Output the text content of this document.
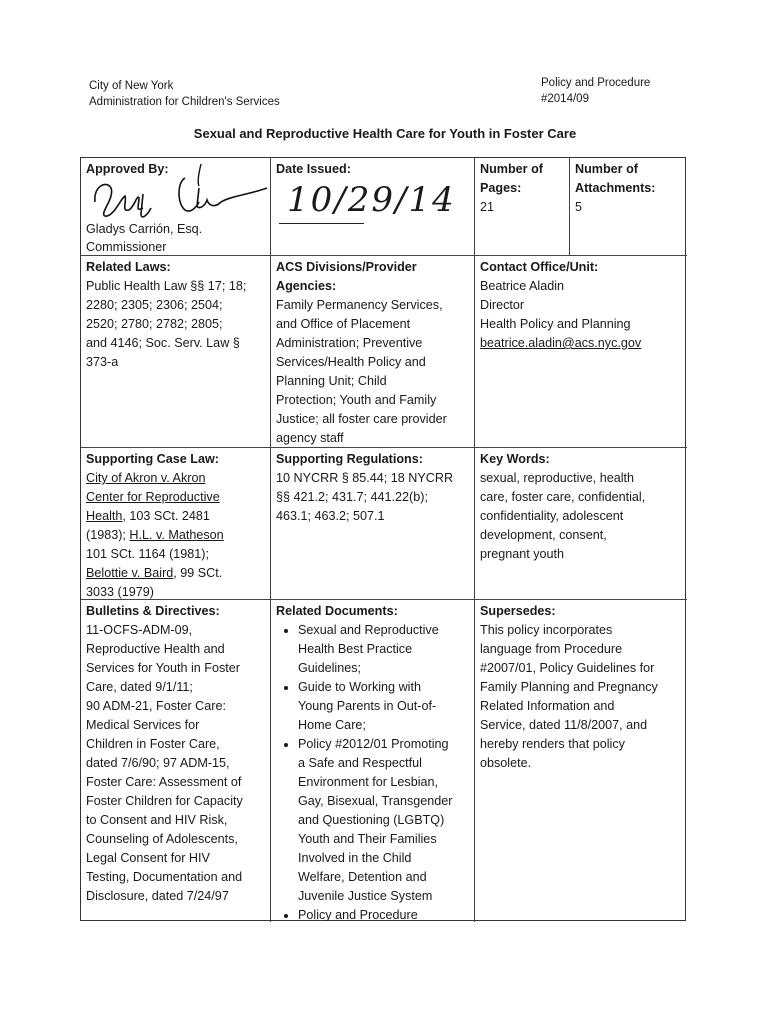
City of New York
Administration for Children's Services
Policy and Procedure
#2014/09
Sexual and Reproductive Health Care for Youth in Foster Care
Approved By:
Gladys Carrión, Esq.
Commissioner
Date Issued:
10/29/14
Number of
Pages:
21
Number of
Attachments:
5
Related Laws:
Public Health Law §§ 17; 18;
2280; 2305; 2306; 2504;
2520; 2780; 2782; 2805;
and 4146; Soc. Serv. Law §
373-a
ACS Divisions/Provider
Agencies:
Family Permanency Services,
and Office of Placement
Administration; Preventive
Services/Health Policy and
Planning Unit; Child
Protection; Youth and Family
Justice; all foster care provider
agency staff
Contact Office/Unit:
Beatrice Aladin
Director
Health Policy and Planning
beatrice.aladin@acs.nyc.gov
Supporting Case Law:
City of Akron v. Akron
Center for Reproductive
Health, 103 SCt. 2481
(1983); H.L. v. Matheson
101 SCt. 1164 (1981);
Belottie v. Baird, 99 SCt.
3033 (1979)
Supporting Regulations:
10 NYCRR § 85.44; 18 NYCRR
§§ 421.2; 431.7; 441.22(b);
463.1; 463.2; 507.1
Key Words:
sexual, reproductive, health
care, foster care, confidential,
confidentiality, adolescent
development, consent,
pregnant youth
Bulletins & Directives:
11-OCFS-ADM-09,
Reproductive Health and
Services for Youth in Foster
Care, dated 9/1/11;
90 ADM-21, Foster Care:
Medical Services for
Children in Foster Care,
dated 7/6/90; 97 ADM-15,
Foster Care: Assessment of
Foster Children for Capacity
to Consent and HIV Risk,
Counseling of Adolescents,
Legal Consent for HIV
Testing, Documentation and
Disclosure, dated 7/24/97
Related Documents:
• Sexual and Reproductive
Health Best Practice
Guidelines;
• Guide to Working with
Young Parents in Out-of-
Home Care;
• Policy #2012/01 Promoting
a Safe and Respectful
Environment for Lesbian,
Gay, Bisexual, Transgender
and Questioning (LGBTQ)
Youth and Their Families
Involved in the Child
Welfare, Detention and
Juvenile Justice System
• Policy and Procedure
Supersedes:
This policy incorporates
language from Procedure
#2007/01, Policy Guidelines for
Family Planning and Pregnancy
Related Information and
Service, dated 11/8/2007, and
hereby renders that policy
obsolete.
